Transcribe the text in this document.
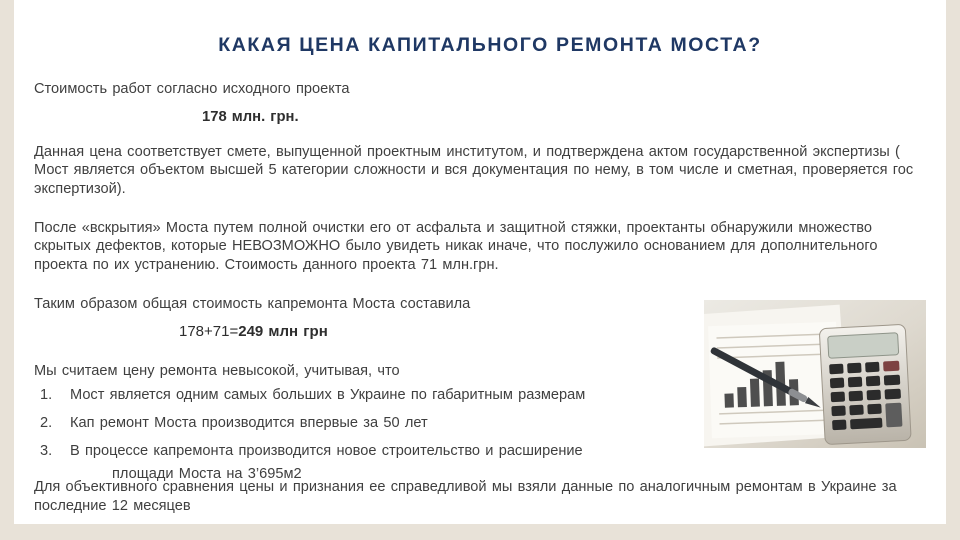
КАКАЯ ЦЕНА КАПИТАЛЬНОГО РЕМОНТА МОСТА?
Стоимость работ согласно исходного проекта
178 млн. грн.
Данная цена соответствует смете, выпущенной проектным институтом, и подтверждена актом государственной экспертизы ( Мост является объектом высшей 5 категории сложности и вся документация по нему, в том числе и сметная, проверяется гос экспертизой).
После «вскрытия» Моста путем полной очистки его от асфальта и защитной стяжки, проектанты обнаружили множество скрытых дефектов, которые НЕВОЗМОЖНО было увидеть никак иначе, что послужило основанием для дополнительного проекта по их устранению. Стоимость данного проекта 71 млн.грн.
Таким образом общая стоимость капремонта Моста составила
178+71=249 млн грн
Мы считаем цену ремонта невысокой, учитывая, что
1.	Мост является одним самых больших в Украине по габаритным размерам
2.	Кап ремонт Моста производится впервые за 50 лет
3.	В процессе капремонта производится новое строительство и расширение
площади Моста на 3’695м2
Для объективного сравнения цены и признания ее справедливой мы взяли данные по аналогичным ремонтам в Украине за последние 12 месяцев
